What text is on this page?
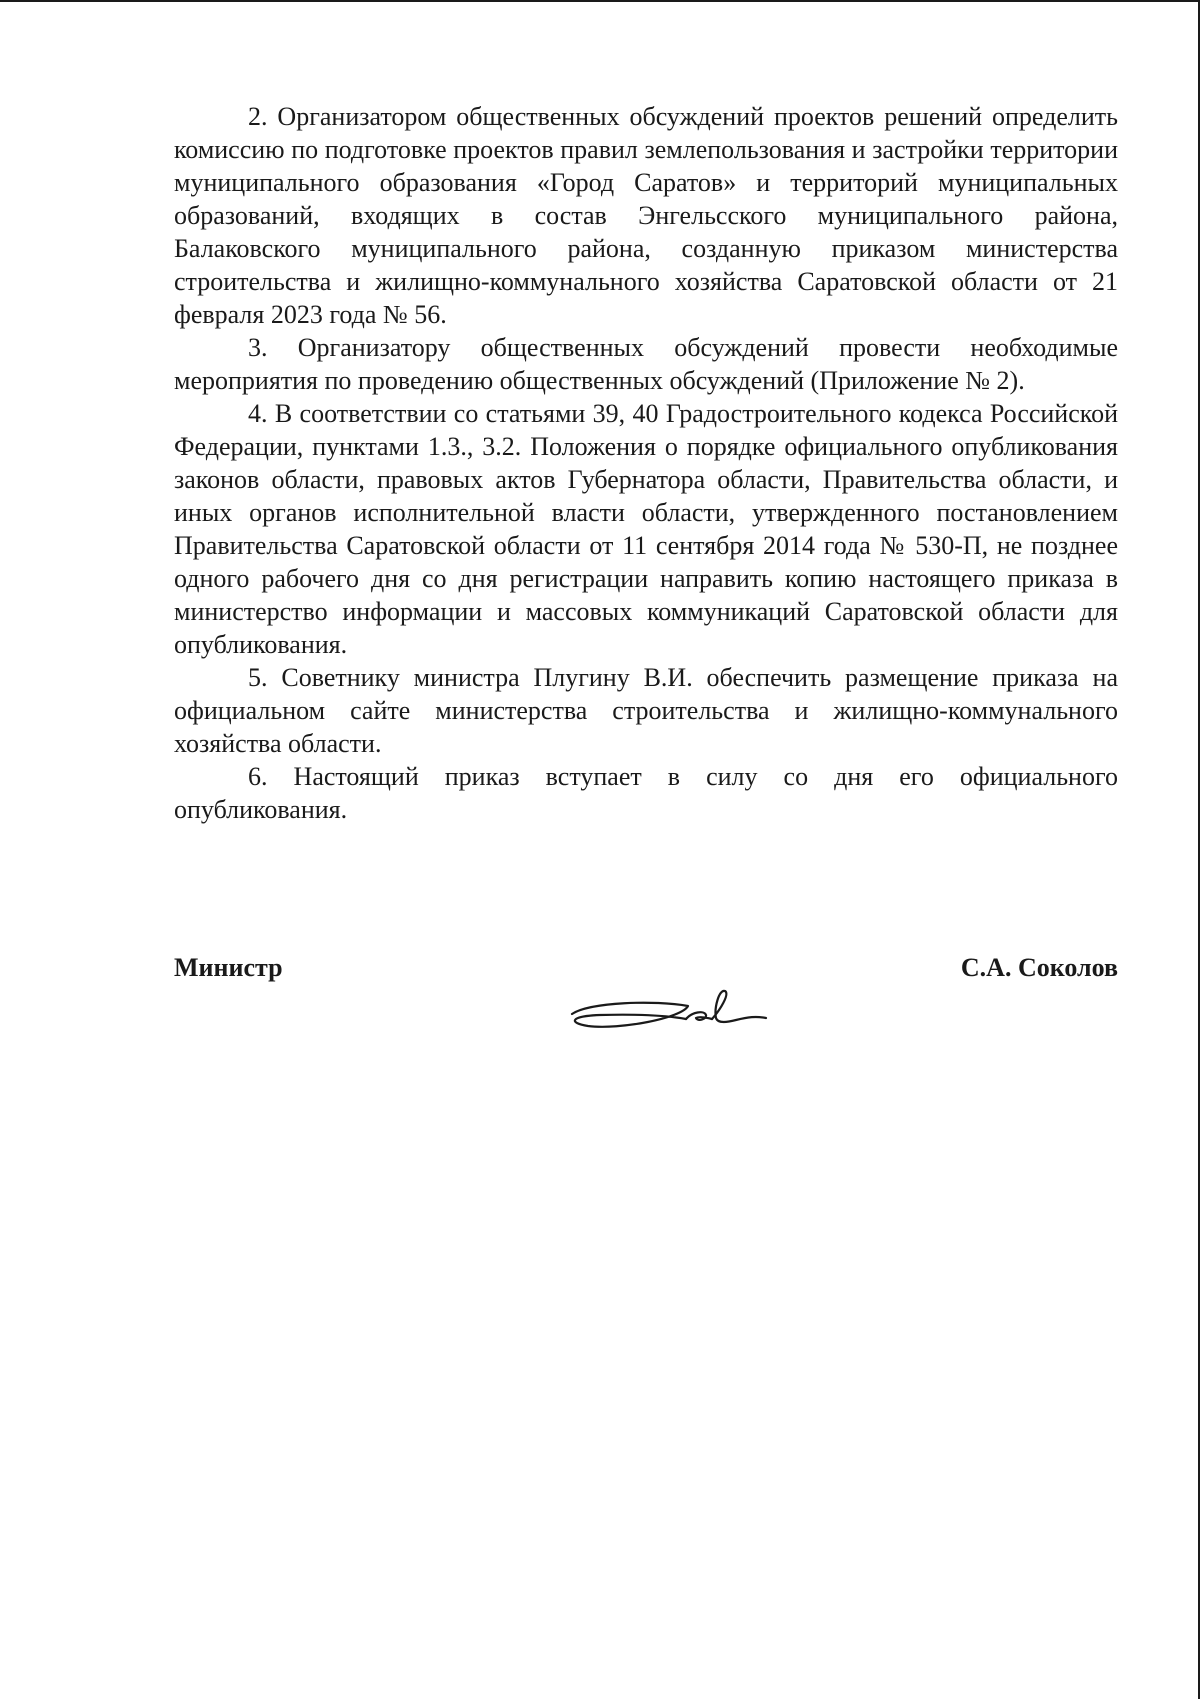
2. Организатором общественных обсуждений проектов решений определить комиссию по подготовке проектов правил землепользования и застройки территории муниципального образования «Город Саратов» и территорий муниципальных образований, входящих в состав Энгельсского муниципального района, Балаковского муниципального района, созданную приказом министерства строительства и жилищно-коммунального хозяйства Саратовской области от 21 февраля 2023 года № 56.

3. Организатору общественных обсуждений провести необходимые мероприятия по проведению общественных обсуждений (Приложение № 2).

4. В соответствии со статьями 39, 40 Градостроительного кодекса Российской Федерации, пунктами 1.3., 3.2. Положения о порядке официального опубликования законов области, правовых актов Губернатора области, Правительства области, и иных органов исполнительной власти области, утвержденного постановлением Правительства Саратовской области от 11 сентября 2014 года № 530-П, не позднее одного рабочего дня со дня регистрации направить копию настоящего приказа в министерство информации и массовых коммуникаций Саратовской области для опубликования.

5. Советнику министра Плугину В.И. обеспечить размещение приказа на официальном сайте министерства строительства и жилищно-коммунального хозяйства области.

6. Настоящий приказ вступает в силу со дня его официального опубликования.

Министр	С.А. Соколов
